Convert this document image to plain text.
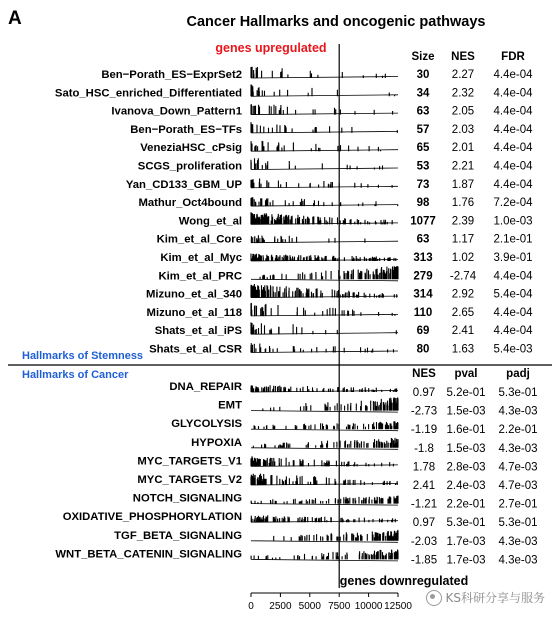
A	Cancer Hallmarks and oncogenic pathways
genes upregulated
genes downregulated
Size NES FDR
Ben−Porath_ES−ExprSet2	30 2.27 4.4e-04
Sato_HSC_enriched_Differentiated	34 2.32 4.4e-04
Ivanova_Down_Pattern1	63 2.05 4.4e-04
Ben−Porath_ES−TFs	57 2.03 4.4e-04
VeneziaHSC_cPsig	65 2.01 4.4e-04
SCGS_proliferation	53 2.21 4.4e-04
Yan_CD133_GBM_UP	73 1.87 4.4e-04
Mathur_Oct4bound	98 1.76 7.2e-04
Wong_et_al	1077 2.39 1.0e-03
Kim_et_al_Core	63 1.17 2.1e-01
Kim_et_al_Myc	313 1.02 3.9e-01
Kim_et_al_PRC	279 -2.74 4.4e-04
Mizuno_et_al_340	314 2.92 5.4e-04
Mizuno_et_al_118	110 2.65 4.4e-04
Shats_et_al_iPS	69 2.41 4.4e-04
Shats_et_al_CSR	80 1.63 5.4e-03
Hallmarks of Stemness
Hallmarks of Cancer	NES pval padj
DNA_REPAIR	0.97 5.2e-01 5.3e-01
EMT	-2.73 1.5e-03 4.3e-03
GLYCOLYSIS	-1.19 1.6e-01 2.2e-01
HYPOXIA	-1.8 1.5e-03 4.3e-03
MYC_TARGETS_V1	1.78 2.8e-03 4.7e-03
MYC_TARGETS_V2	2.41 2.4e-03 4.7e-03
NOTCH_SIGNALING	-1.21 2.2e-01 2.7e-01
OXIDATIVE_PHOSPHORYLATION	0.97 5.3e-01 5.3e-01
TGF_BETA_SIGNALING	-2.03 1.7e-03 4.3e-03
WNT_BETA_CATENIN_SIGNALING	-1.85 1.7e-03 4.3e-03
0 2500 5000 7500 10000 12500
KS科研分享与服务
